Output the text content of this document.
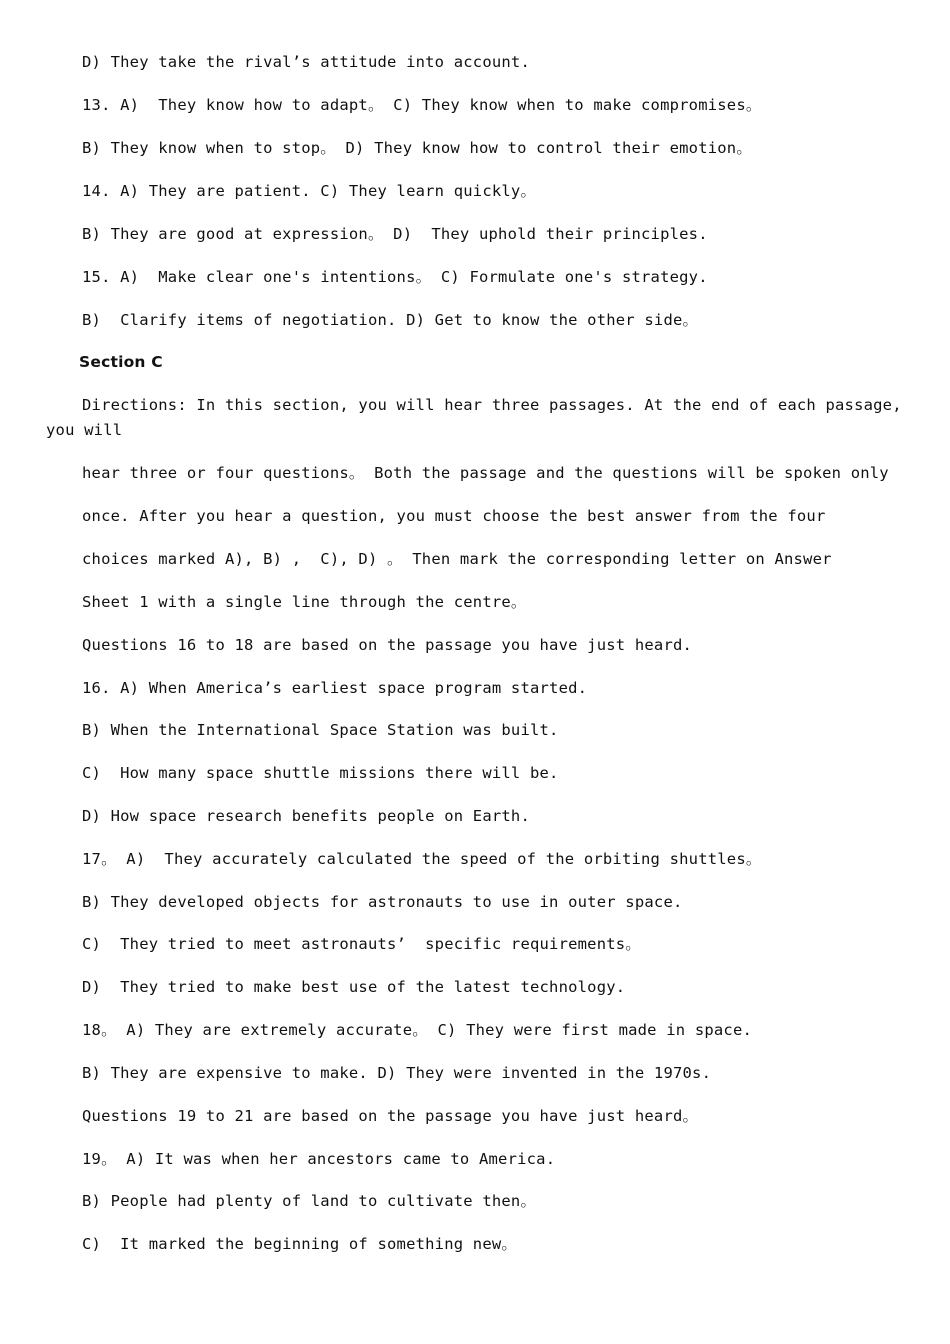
D) They take the rival’s attitude into account.
13. A)  They know how to adapt。 C) They know when to make compromises。
B) They know when to stop。 D) They know how to control their emotion。
14. A) They are patient. C) They learn quickly。
B) They are good at expression。 D)  They uphold their principles.
15. A)  Make clear one's intentions。 C) Formulate one's strategy.
B)  Clarify items of negotiation. D) Get to know the other side。
Section C
Directions: In this section, you will hear three passages. At the end of each passage,
you will
hear three or four questions。 Both the passage and the questions will be spoken only
once. After you hear a question, you must choose the best answer from the four
choices marked A), B) ,  C), D) 。 Then mark the corresponding letter on Answer
Sheet 1 with a single line through the centre。
Questions 16 to 18 are based on the passage you have just heard.
16. A) When America’s earliest space program started.
B) When the International Space Station was built.
C)  How many space shuttle missions there will be.
D) How space research benefits people on Earth.
17。 A)  They accurately calculated the speed of the orbiting shuttles。
B) They developed objects for astronauts to use in outer space.
C)  They tried to meet astronauts’  specific requirements。
D)  They tried to make best use of the latest technology.
18。 A) They are extremely accurate。 C) They were first made in space.
B) They are expensive to make. D) They were invented in the 1970s.
Questions 19 to 21 are based on the passage you have just heard。
19。 A) It was when her ancestors came to America.
B) People had plenty of land to cultivate then。
C)  It marked the beginning of something new。
